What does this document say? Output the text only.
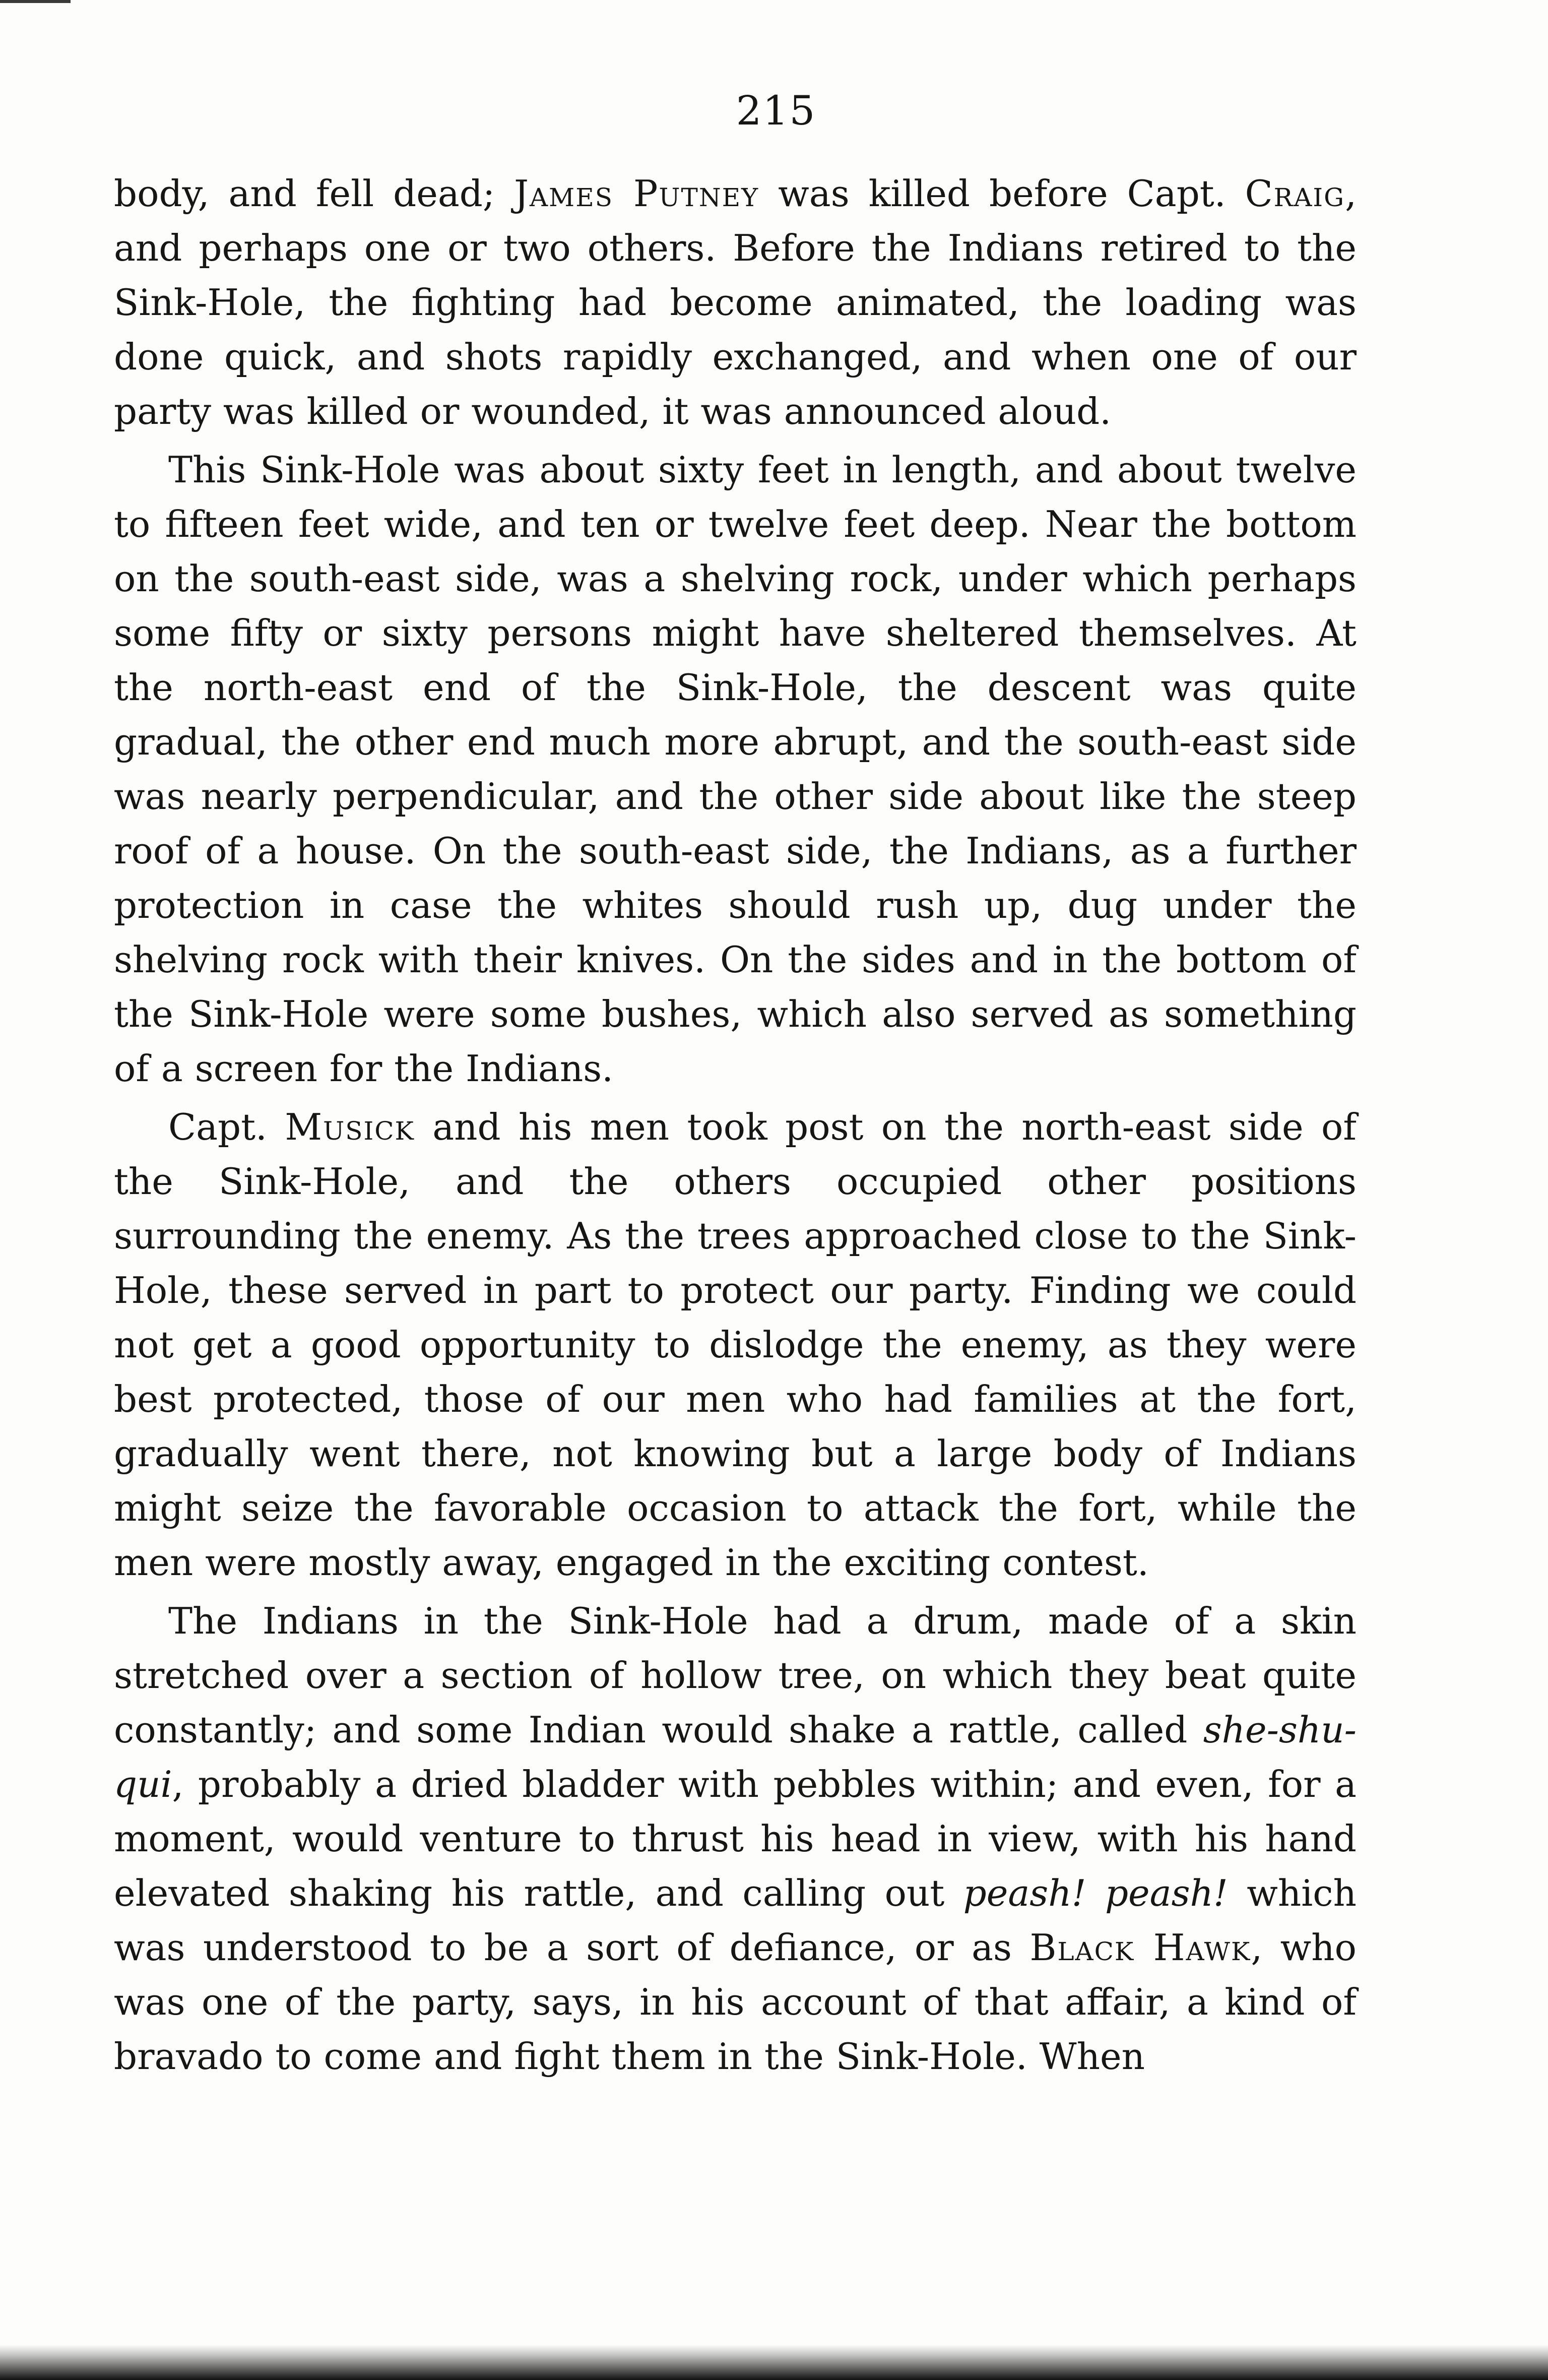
215

body, and fell dead; James Putney was killed before Capt. Craig, and perhaps one or two others. Before the Indians retired to the Sink-Hole, the fighting had become animated, the loading was done quick, and shots rapidly exchanged, and when one of our party was killed or wounded, it was announced aloud.

This Sink-Hole was about sixty feet in length, and about twelve to fifteen feet wide, and ten or twelve feet deep. Near the bottom on the south-east side, was a shelving rock, under which perhaps some fifty or sixty persons might have sheltered themselves. At the north-east end of the Sink-Hole, the descent was quite gradual, the other end much more abrupt, and the south-east side was nearly perpendicular, and the other side about like the steep roof of a house. On the south-east side, the Indians, as a further protection in case the whites should rush up, dug under the shelving rock with their knives. On the sides and in the bottom of the Sink-Hole were some bushes, which also served as something of a screen for the Indians.

Capt. Musick and his men took post on the north-east side of the Sink-Hole, and the others occupied other positions surrounding the enemy. As the trees approached close to the Sink-Hole, these served in part to protect our party. Finding we could not get a good opportunity to dislodge the enemy, as they were best protected, those of our men who had families at the fort, gradually went there, not knowing but a large body of Indians might seize the favorable occasion to attack the fort, while the men were mostly away, engaged in the exciting contest.

The Indians in the Sink-Hole had a drum, made of a skin stretched over a section of hollow tree, on which they beat quite constantly; and some Indian would shake a rattle, called she-shu-qui, probably a dried bladder with pebbles within; and even, for a moment, would venture to thrust his head in view, with his hand elevated shaking his rattle, and calling out peash! peash! which was understood to be a sort of defiance, or as Black Hawk, who was one of the party, says, in his account of that affair, a kind of bravado to come and fight them in the Sink-Hole. When
